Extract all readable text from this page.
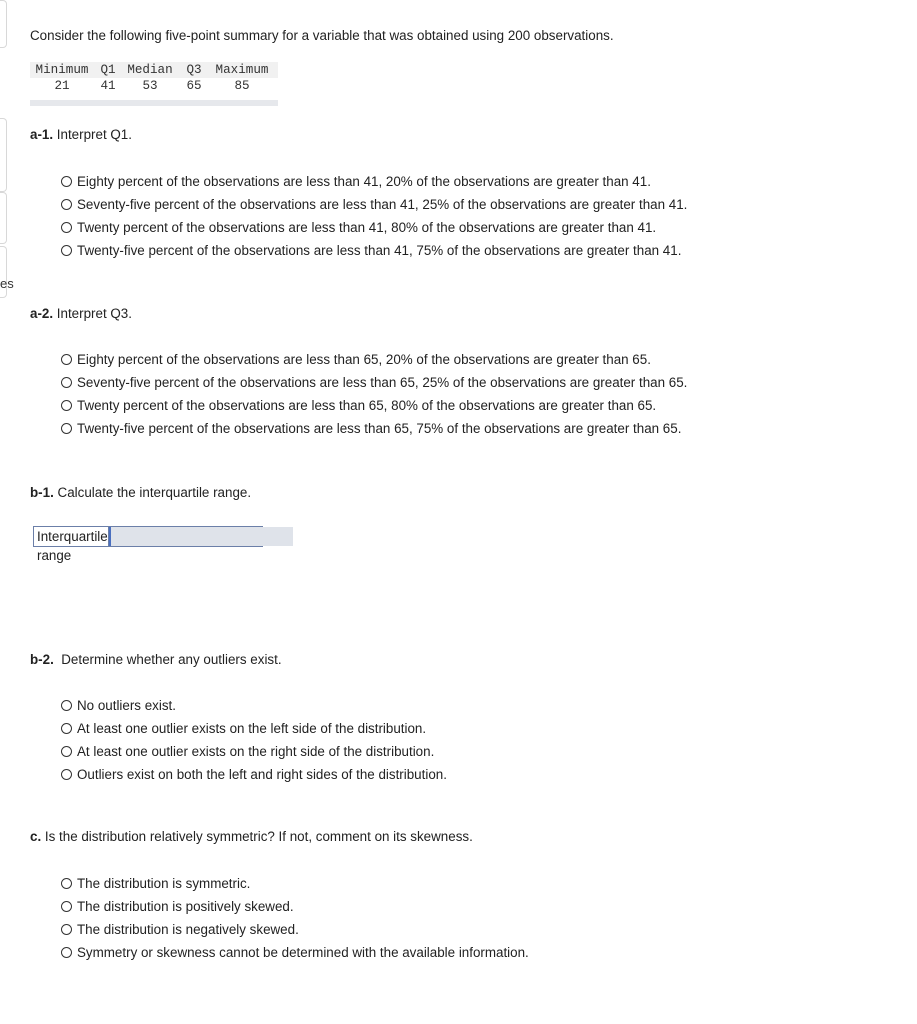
es
Consider the following five-point summary for a variable that was obtained using 200 observations.
Minimum Q1 Median	Q3	Maximum
21	41	53	65	85
a-1. Interpret Q1.
Eighty percent of the observations are less than 41, 20% of the observations are greater than 41.
Seventy-five percent of the observations are less than 41, 25% of the observations are greater than 41.
Twenty percent of the observations are less than 41, 80% of the observations are greater than 41.
Twenty-five percent of the observations are less than 41, 75% of the observations are greater than 41.
a-2. Interpret Q3.
Eighty percent of the observations are less than 65, 20% of the observations are greater than 65.
Seventy-five percent of the observations are less than 65, 25% of the observations are greater than 65.
Twenty percent of the observations are less than 65, 80% of the observations are greater than 65.
Twenty-five percent of the observations are less than 65, 75% of the observations are greater than 65.
b-1. Calculate the interquartile range.
Interquartile range
b-2.  Determine whether any outliers exist.
No outliers exist.
At least one outlier exists on the left side of the distribution.
At least one outlier exists on the right side of the distribution.
Outliers exist on both the left and right sides of the distribution.
c. Is the distribution relatively symmetric? If not, comment on its skewness.
The distribution is symmetric.
The distribution is positively skewed.
The distribution is negatively skewed.
Symmetry or skewness cannot be determined with the available information.
